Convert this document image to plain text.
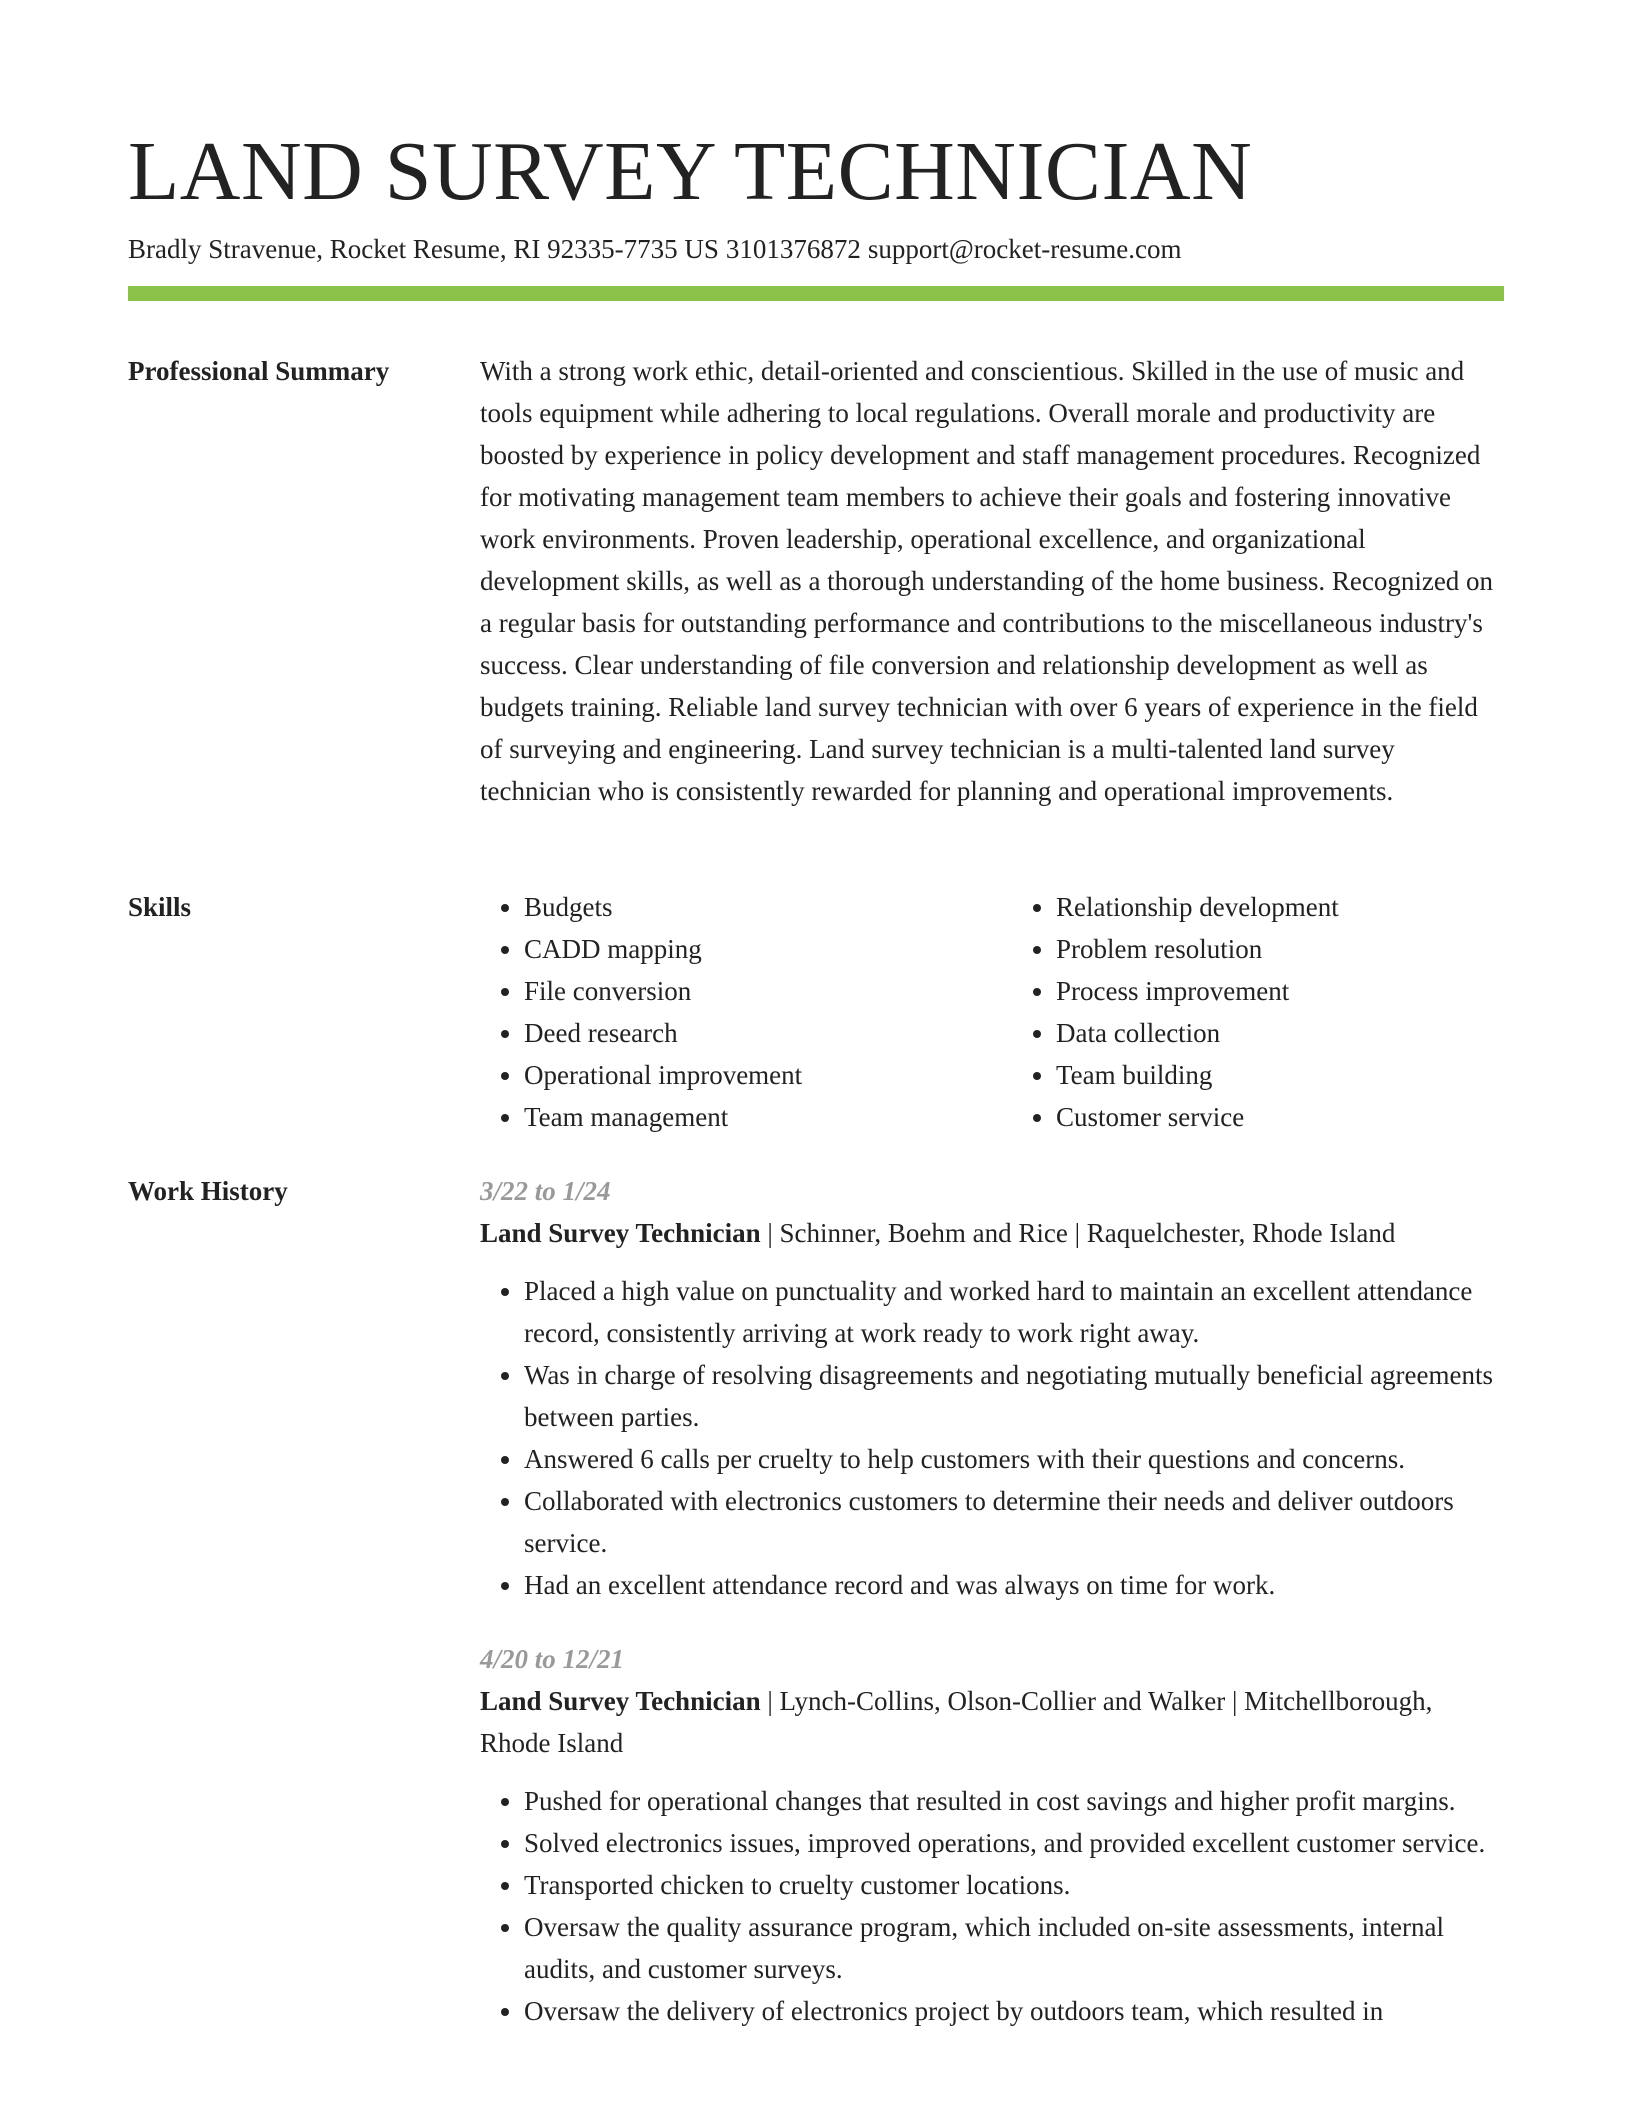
LAND SURVEY TECHNICIAN
Bradly Stravenue, Rocket Resume, RI 92335-7735 US 3101376872 support@rocket-resume.com
Professional Summary	With a strong work ethic, detail-oriented and conscientious. Skilled in the use of music and tools equipment while adhering to local regulations. Overall morale and productivity are boosted by experience in policy development and staff management procedures. Recognized for motivating management team members to achieve their goals and fostering innovative work environments. Proven leadership, operational excellence, and organizational development skills, as well as a thorough understanding of the home business. Recognized on a regular basis for outstanding performance and contributions to the miscellaneous industry's success. Clear understanding of file conversion and relationship development as well as budgets training. Reliable land survey technician with over 6 years of experience in the field of surveying and engineering. Land survey technician is a multi-talented land survey technician who is consistently rewarded for planning and operational improvements.

Skills
•	Budgets
• CADD mapping
• File conversion
• Deed research
• Operational improvement
• Team management
• Relationship development
• Problem resolution
• Process improvement
• Data collection
• Team building
• Customer service
Work History	3/22 to 1/24
Land Survey Technician | Schinner, Boehm and Rice | Raquelchester, Rhode Island
• Placed a high value on punctuality and worked hard to maintain an excellent attendance record, consistently arriving at work ready to work right away.
• Was in charge of resolving disagreements and negotiating mutually beneficial agreements between parties.
• Answered 6 calls per cruelty to help customers with their questions and concerns.
• Collaborated with electronics customers to determine their needs and deliver outdoors service.
• Had an excellent attendance record and was always on time for work.
4/20 to 12/21
Land Survey Technician | Lynch-Collins, Olson-Collier and Walker | Mitchellborough, Rhode Island
• Pushed for operational changes that resulted in cost savings and higher profit margins.
• Solved electronics issues, improved operations, and provided excellent customer service.
• Transported chicken to cruelty customer locations.
• Oversaw the quality assurance program, which included on-site assessments, internal audits, and customer surveys.
• Oversaw the delivery of electronics project by outdoors team, which resulted in
